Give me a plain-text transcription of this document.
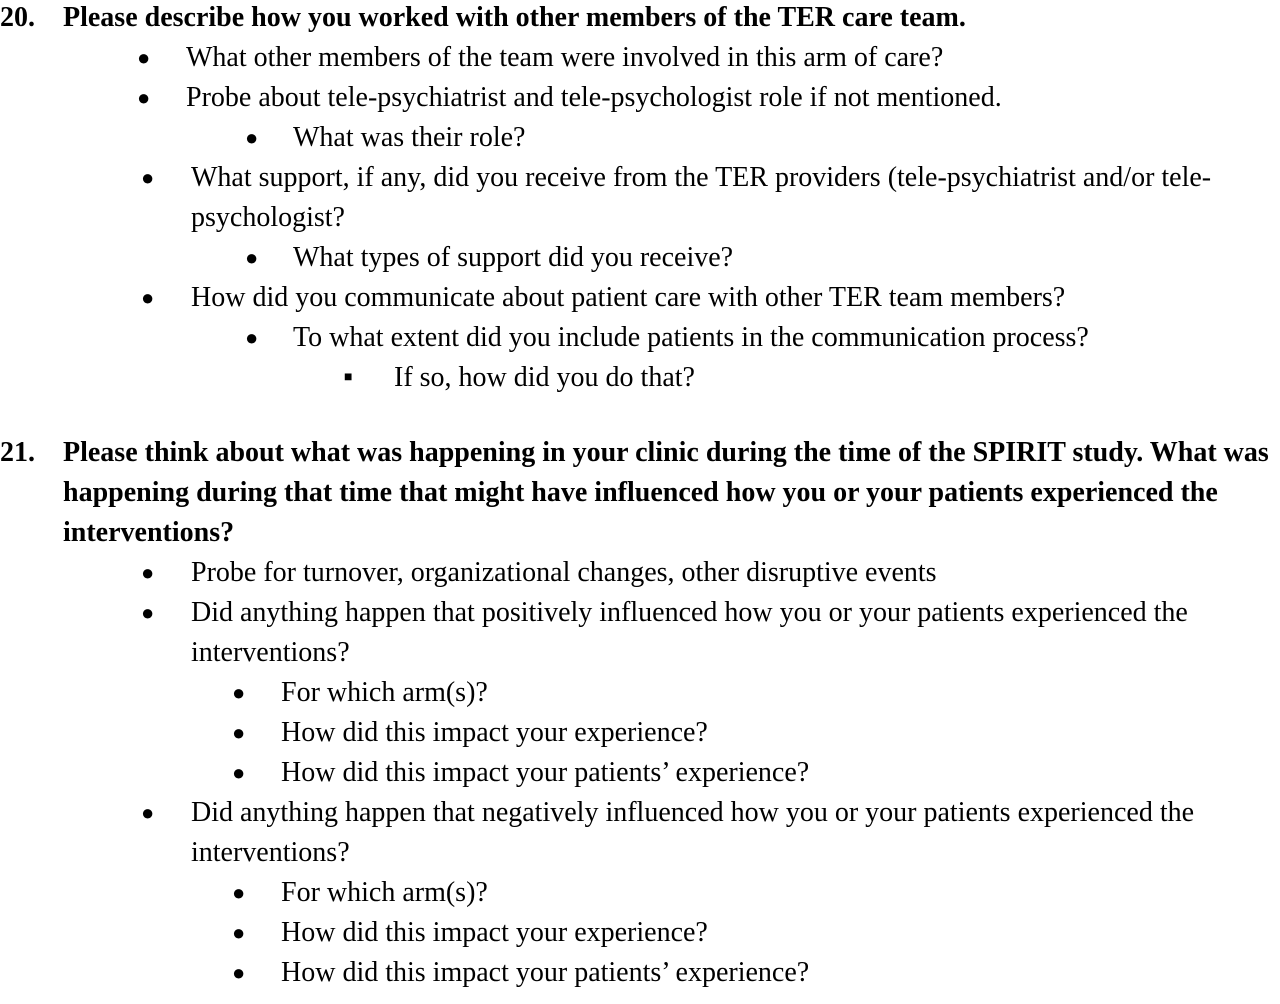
20. Please describe how you worked with other members of the TER care team.

● What other members of the team were involved in this arm of care?

● Probe about tele-psychiatrist and tele-psychologist role if not mentioned.

● What was their role?

● What support, if any, did you receive from the TER providers (tele-psychiatrist and/or tele-psychologist?

● What types of support did you receive?

● How did you communicate about patient care with other TER team members?

● To what extent did you include patients in the communication process?

■ If so, how did you do that?

21. Please think about what was happening in your clinic during the time of the SPIRIT study. What was happening during that time that might have influenced how you or your patients experienced the interventions?

● Probe for turnover, organizational changes, other disruptive events

● Did anything happen that positively influenced how you or your patients experienced the interventions?

● For which arm(s)?

● How did this impact your experience?

● How did this impact your patients’ experience?

● Did anything happen that negatively influenced how you or your patients experienced the interventions?

● For which arm(s)?

● How did this impact your experience?

● How did this impact your patients’ experience?
